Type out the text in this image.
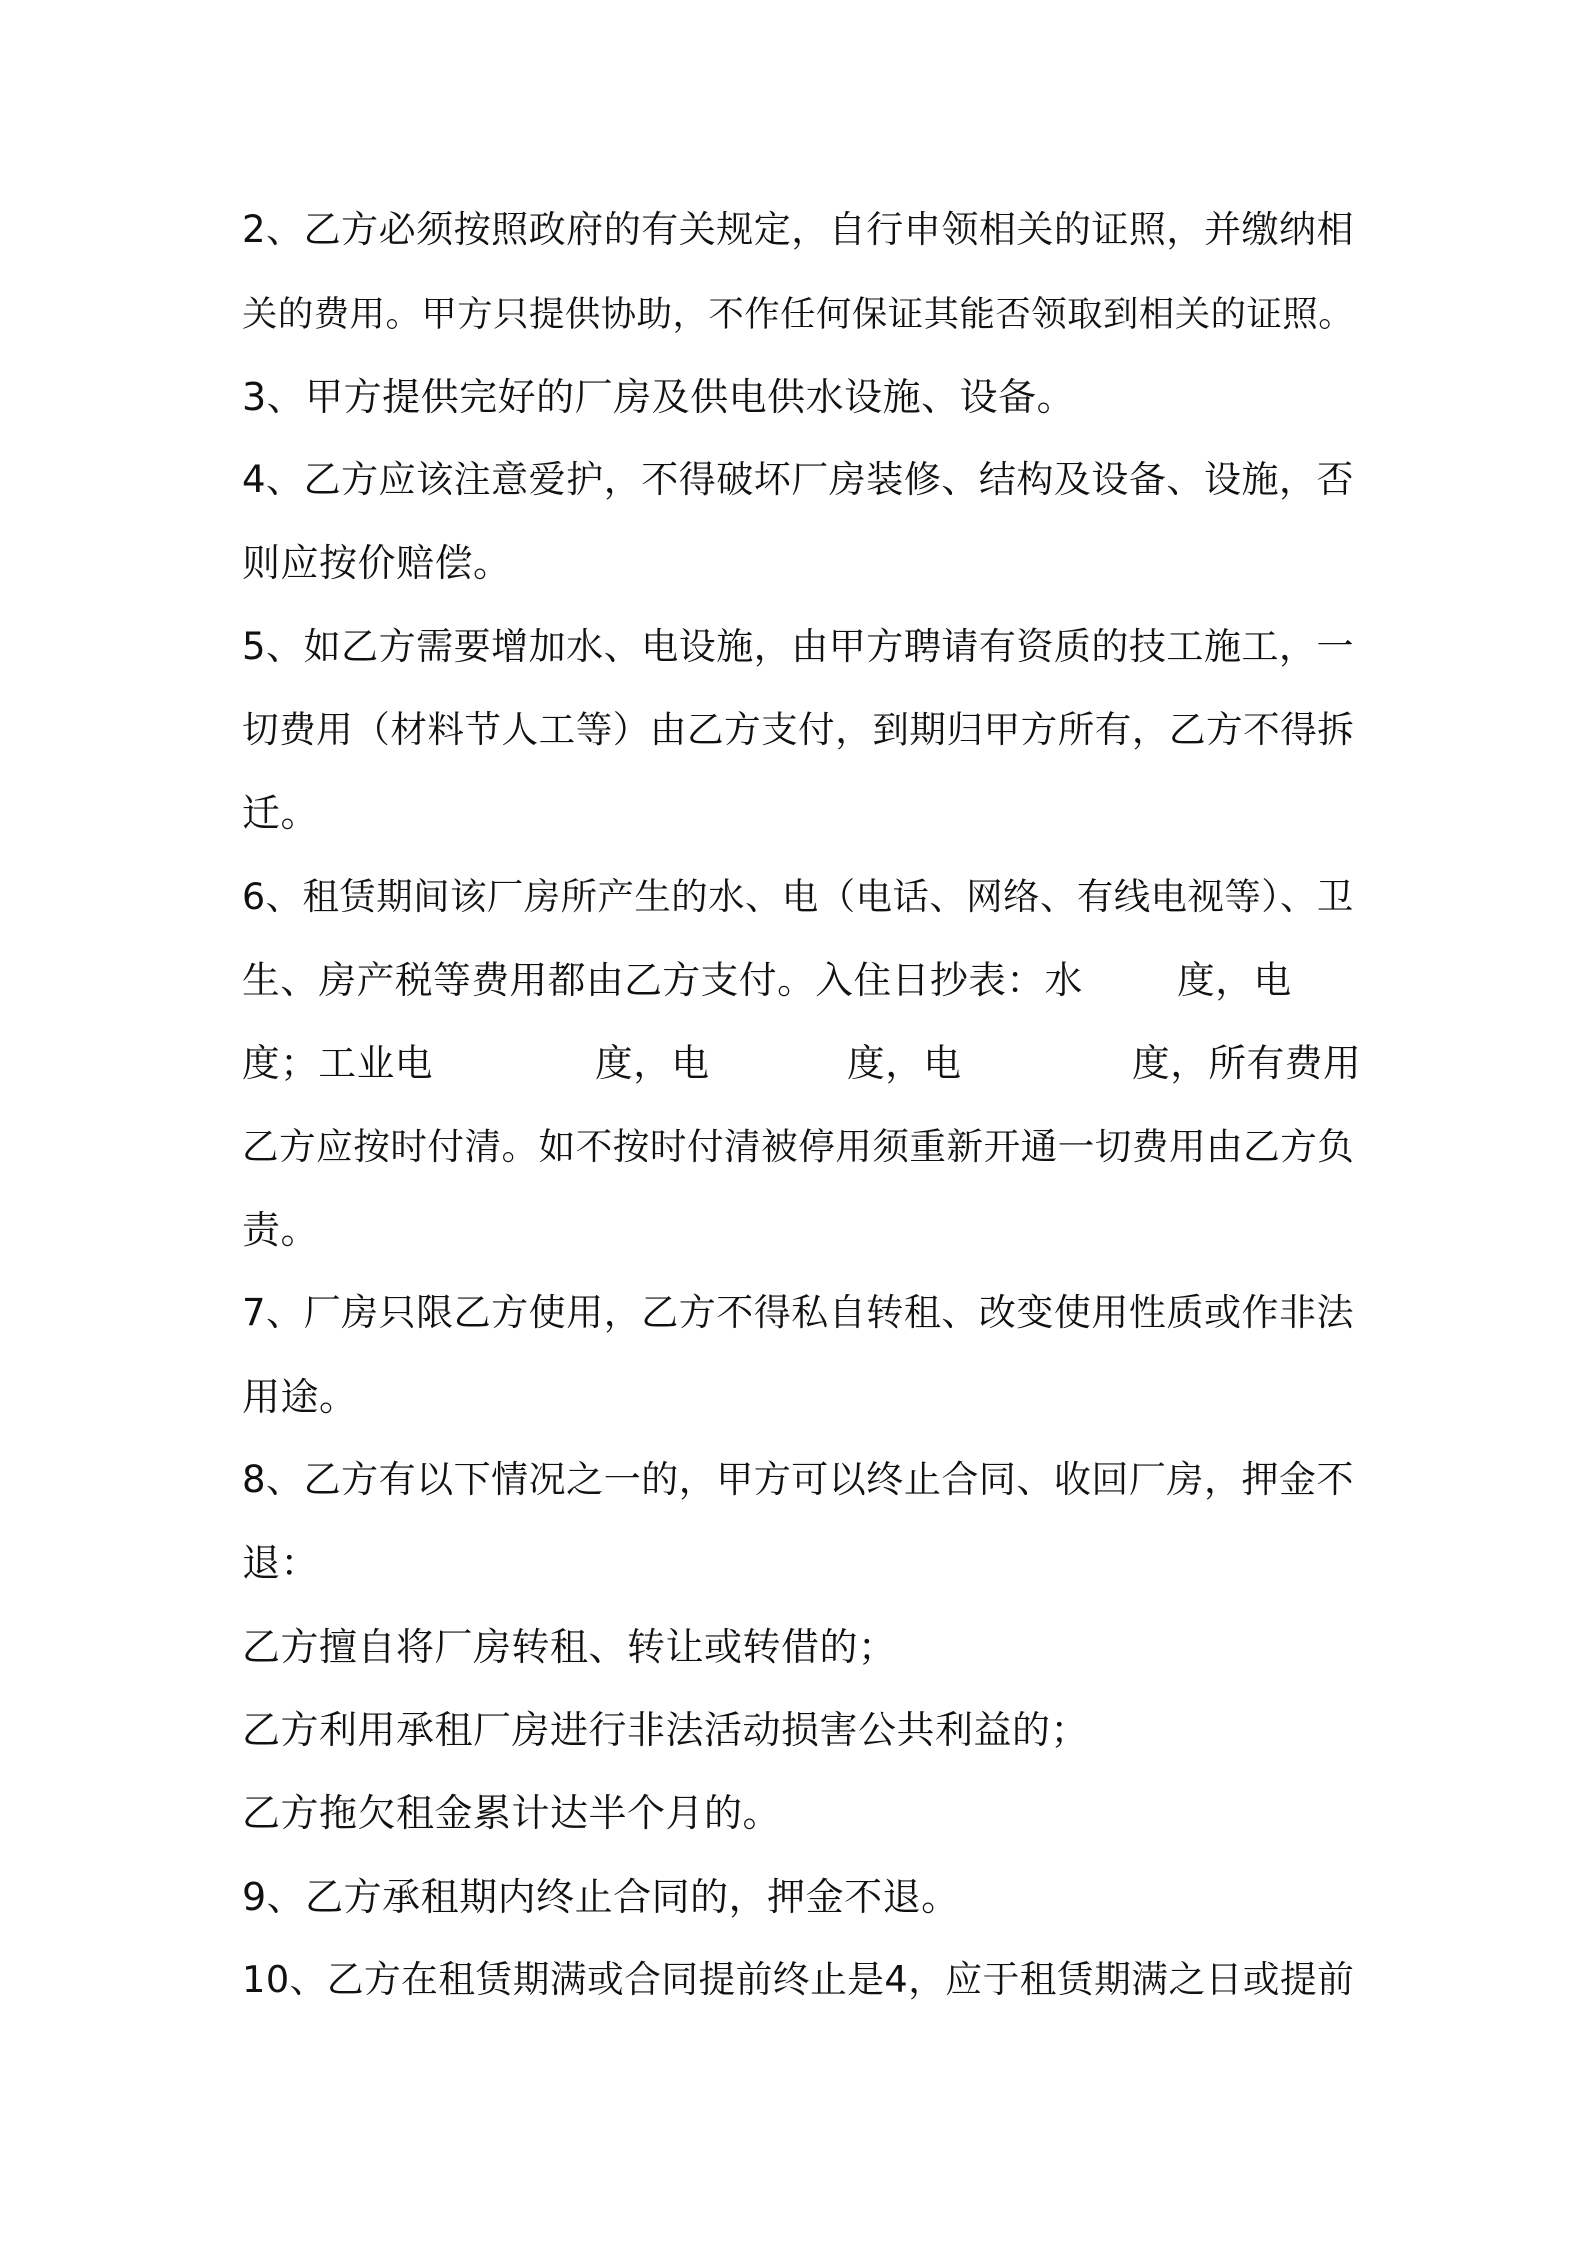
2、乙方必须按照政府的有关规定，自行申领相关的证照，并缴纳相
关的费用。甲方只提供协助，不作任何保证其能否领取到相关的证照。
3、甲方提供完好的厂房及供电供水设施、设备。
4、乙方应该注意爱护，不得破坏厂房装修、结构及设备、设施，否
则应按价赔偿。
5、如乙方需要增加水、电设施，由甲方聘请有资质的技工施工，一
切费用（材料节人工等）由乙方支付，到期归甲方所有，乙方不得拆
迁。
6、租赁期间该厂房所产生的水、电（电话、网络、有线电视等）、卫
生、房产税等费用都由乙方支付。入住日抄表：水 度，电
度；工业电	度，电	度，电	度，所有费用
乙方应按时付清。如不按时付清被停用须重新开通一切费用由乙方负
责。
7、厂房只限乙方使用，乙方不得私自转租、改变使用性质或作非法
用途。
8、乙方有以下情况之一的，甲方可以终止合同、收回厂房，押金不
退：
乙方擅自将厂房转租、转让或转借的；
乙方利用承租厂房进行非法活动损害公共利益的；
乙方拖欠租金累计达半个月的。
9、乙方承租期内终止合同的，押金不退。
10、乙方在租赁期满或合同提前终止是4，应于租赁期满之日或提前
